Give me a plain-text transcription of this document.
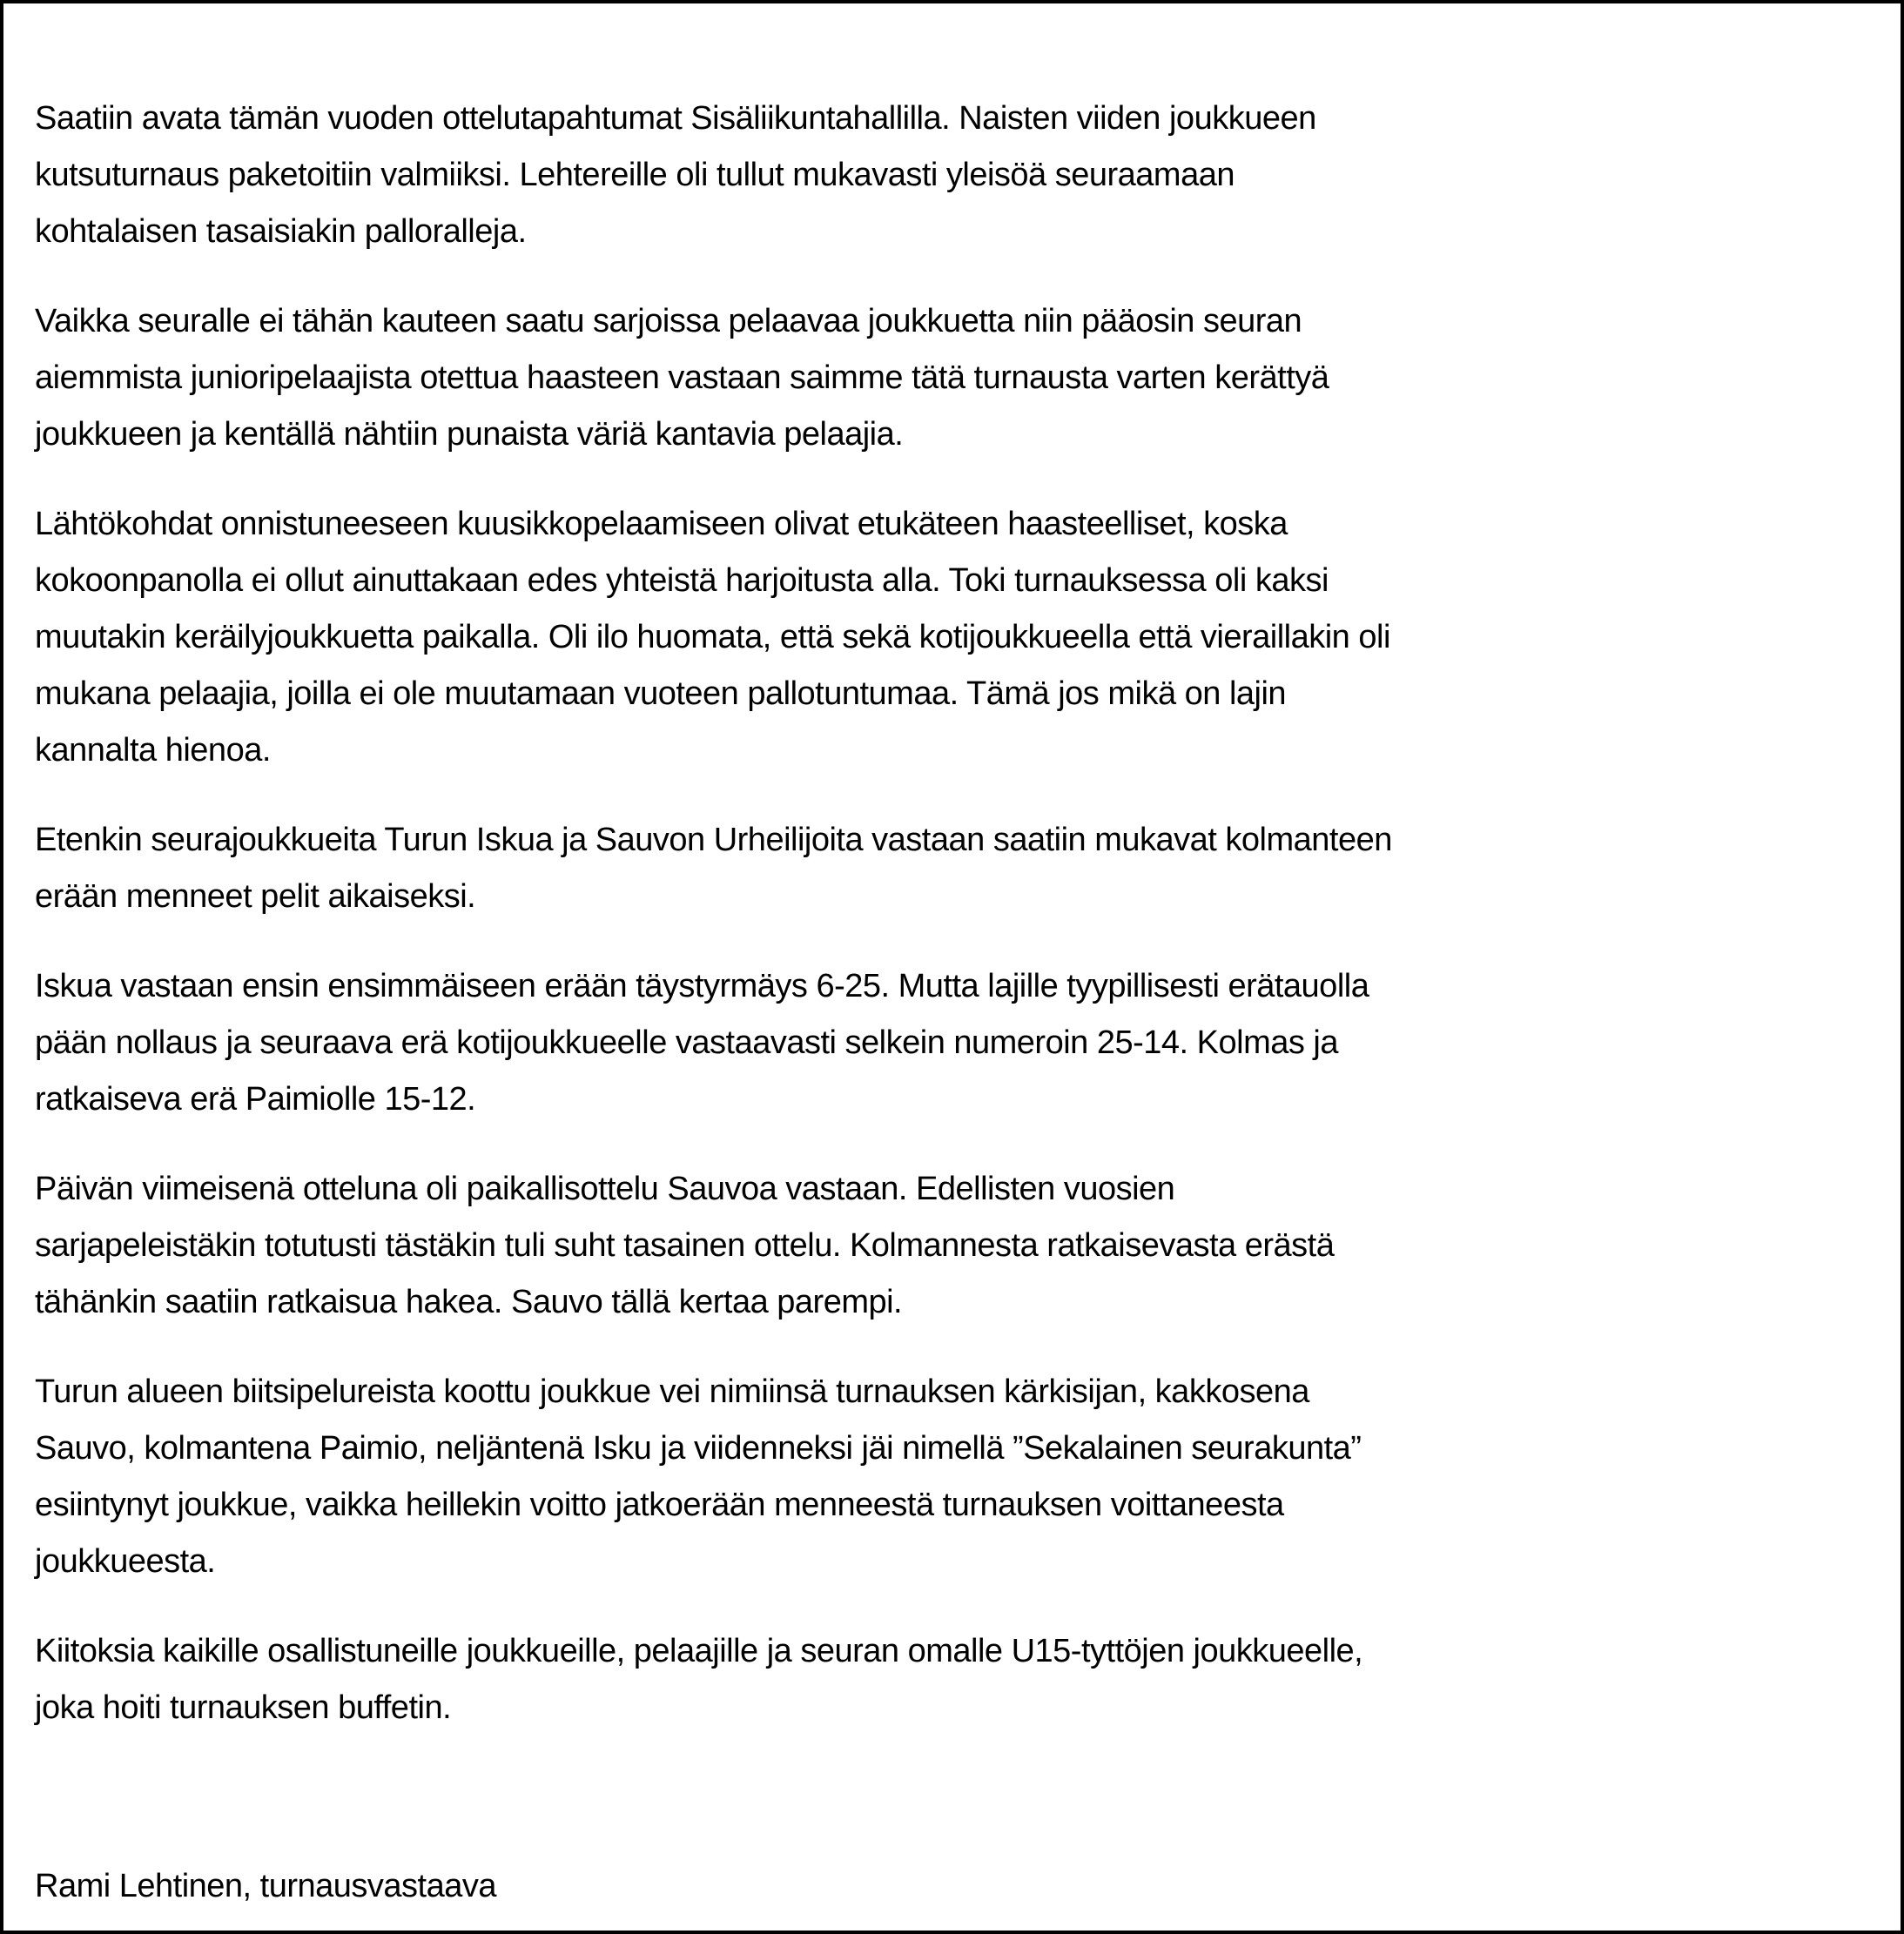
Saatiin avata tämän vuoden ottelutapahtumat Sisäliikuntahallilla. Naisten viiden joukkueen kutsuturnaus paketoitiin valmiiksi. Lehtereille oli tullut mukavasti yleisöä seuraamaan kohtalaisen tasaisiakin palloralleja.

Vaikka seuralle ei tähän kauteen saatu sarjoissa pelaavaa joukkuetta niin pääosin seuran aiemmista junioripelaajista otettua haasteen vastaan saimme tätä turnausta varten kerättyä joukkueen ja kentällä nähtiin punaista väriä kantavia pelaajia.

Lähtökohdat onnistuneeseen kuusikkopelaamiseen olivat etukäteen haasteelliset, koska kokoonpanolla ei ollut ainuttakaan edes yhteistä harjoitusta alla. Toki turnauksessa oli kaksi muutakin keräilyjoukkuetta paikalla. Oli ilo huomata, että sekä kotijoukkueella että vieraillakin oli mukana pelaajia, joilla ei ole muutamaan vuoteen pallotuntumaa. Tämä jos mikä on lajin kannalta hienoa.

Etenkin seurajoukkueita Turun Iskua ja Sauvon Urheilijoita vastaan saatiin mukavat kolmanteen erään menneet pelit aikaiseksi.

Iskua vastaan ensin ensimmäiseen erään täystyrmäys 6-25. Mutta lajille tyypillisesti erätauolla pään nollaus ja seuraava erä kotijoukkueelle vastaavasti selkein numeroin 25-14. Kolmas ja ratkaiseva erä Paimiolle 15-12.

Päivän viimeisenä otteluna oli paikallisottelu Sauvoa vastaan. Edellisten vuosien sarjapeleistäkin totutusti tästäkin tuli suht tasainen ottelu. Kolmannesta ratkaisevasta erästä tähänkin saatiin ratkaisua hakea. Sauvo tällä kertaa parempi.

Turun alueen biitsipelureista koottu joukkue vei nimiinsä turnauksen kärkisijan, kakkosena Sauvo, kolmantena Paimio, neljäntenä Isku ja viidenneksi jäi nimellä ”Sekalainen seurakunta” esiintynyt joukkue, vaikka heillekin voitto jatkoerään menneestä turnauksen voittaneesta joukkueesta.

Kiitoksia kaikille osallistuneille joukkueille, pelaajille ja seuran omalle U15-tyttöjen joukkueelle, joka hoiti turnauksen buffetin.

Rami Lehtinen, turnausvastaava
